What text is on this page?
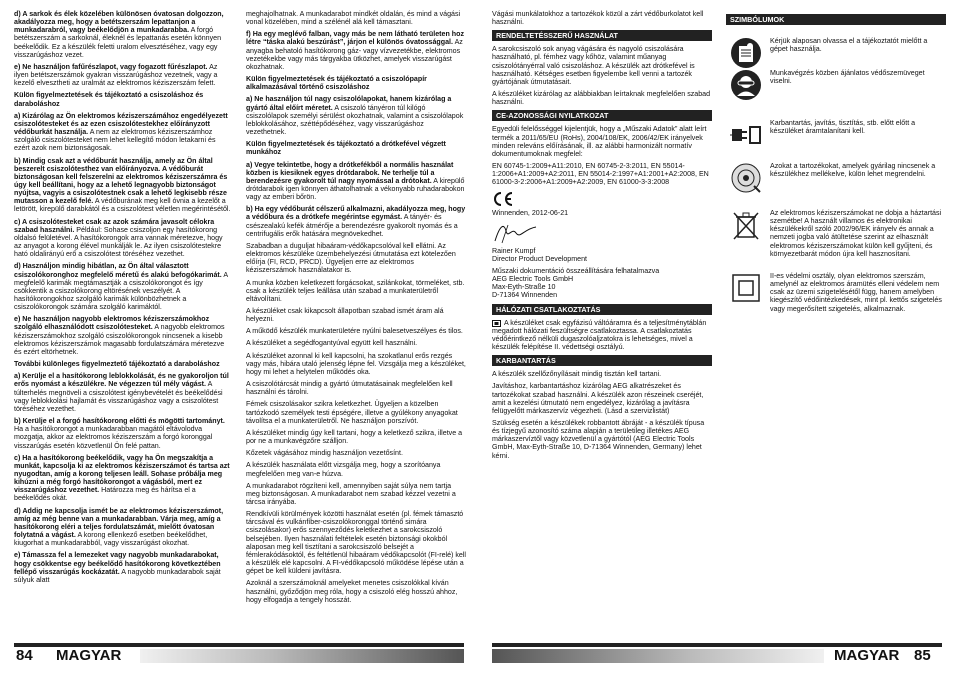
d) A sarkok és élek közelében különösen óvatosan dolgozzon, akadályozza meg, hogy a betétszerszám lepattanjon a munkadarabról, vagy beékelődjön a munkadarabba. A forgó betétszerszám a sarkoknál, éleknél és lepattanás esetén könnyen beékelődik. Ez a készülék feletti uralom elvesztéséhez, vagy egy visszarúgáshoz vezet.

e) Ne használjon fafűrészlapot, vagy fogazott fűrészlapot. Az ilyen betétszerszámok gyakran visszarúgáshoz vezetnek, vagy a kezelő elvesztheti az uralmát az elektromos kéziszerszám felett.

Külön figyelmeztetések és tájékoztató a csiszoláshoz és daraboláshoz

a) Kizárólag az Ön elektromos kéziszerszámához engedélyezett csiszolótesteket és az ezen csiszolótestekhez előírányzott védőburkát használja. A nem az elektromos kéziszerszámhoz szolgáló csiszolótesteket nem lehet kellegítő módon letakarni és ezért azok nem biztonságosak.

b) Mindig csak azt a védőburát használja, amely az Ön által beszerelt csiszolótesthez van előírányozva. A védőburát biztonságosan kell felszerelni az elektromos kéziszerszámra és úgy kell beállítani, hogy az a lehető legnagyobb biztonságot nyújtsa, vagyis a csiszolótestnek csak a lehető legkisebb része mutasson a kezelő felé. A védőburának meg kell óvnia a kezelőt a letörött, kirepülő darabkától és a csiszolótest véletlen megérintésétől.

c) A csiszolótesteket csak az azok számára javasolt célokra szabad használni. Például: Sohase csiszoljon egy hasítókorong oldalsó felületével. A hasítókorongok arra vannak méretezve, hogy az anyagot a korong élével munkálják le. Az ilyen csiszolótestekre ható oldalirányú erő a csiszolótest töréséhez vezethet.

d) Használjon mindig hibátlan, az Ön által választott csiszolókoronghoz megfelelő méretű és alakú befogókarimát. A megfelelő karimák megtámasztják a csiszolókorongot és így csökkentik a csiszolókorong eltörésének veszélyét. A hasítókorongokhoz szolgáló karimák különbözhetnek a csiszolókorongok számára szolgáló karimáktól.

e) Ne használjon nagyobb elektromos kéziszerszámokhoz szolgáló elhasználódott csiszolótesteket. A nagyobb elektromos kéziszerszámokhoz szolgáló csiszolókorongok nincsenek a kisebb elektromos kéziszerszámok magasabb fordulatszámára méretezve és ezért eltörhetnek.

További különleges figyelmeztető tájékoztató a daraboláshoz

a) Kerülje el a hasítókorong leblokkolását, és ne gyakoroljon túl erős nyomást a készülékre. Ne végezzen túl mély vágást. A túlterhelés megnöveli a csiszolótest igénybevételét és beékelődési vagy leblokkolási hajlamát és visszarúgáshoz vagy a csiszolótest töréséhez vezethet.

b) Kerülje el a forgó hasítókorong előtti és mögötti tartományt. Ha a hasítókorongot a munkadarabban magától eltávolodva mozgatja, akkor az elektromos kéziszerszám a forgó koronggal visszarúgás esetén közvetlenül Ön felé pattan.

c) Ha a hasítókorong beékelődik, vagy ha Ön megszakítja a munkát, kapcsolja ki az elektromos kéziszerszámot és tartsa azt nyugodtan, amíg a korong teljesen leáll. Sohase próbálja meg kihúzni a még forgó hasítókorongot a vágásból, mert ez visszarúgáshoz vezethet. Határozza meg és hárítsa el a beékelődés okát.

d) Addig ne kapcsolja ismét be az elektromos kéziszerszámot, amíg az még benne van a munkadarabban. Várja meg, amíg a hasítókorong eléri a teljes fordulatszámát, mielőtt óvatosan folytatná a vágást. A korong ellenkező esetben beékelődhet, kiugorhat a munkadarabból, vagy visszarúgást okozhat.

e) Támassza fel a lemezeket vagy nagyobb munkadarabokat, hogy csökkentse egy beékelődő hasítókorong következtében fellépő visszarúgás kockázatát. A nagyobb munkadarabok saját súlyuk alatt

meghajolhatnak. A munkadarabot mindkét oldalán, és mind a vágási vonal közelében, mind a szélénél alá kell támasztani.

f) Ha egy meglévő falban, vagy más be nem látható területen hoz létre “táska alakú beszúrást”, járjon el különös óvatossággal. Az anyagba behatoló hasítókorong gáz- vagy vízvezetékbe, elektromos vezetékekbe vagy más tárgyakba ütközhet, amelyek visszarúgást okozhatnak.

Külön figyelmeztetések és tájékoztató a csiszolópapír alkalmazásával történő csiszoláshoz

a) Ne használjon túl nagy csiszolólapokat, hanem kizárólag a gyártó által előírt méretet. A csiszoló tányéron túl kilógó csiszolólapok személyi sérülést okozhatnak, valamint a csiszolólapok leblokkolásához, széttépődéséhez, vagy visszarúgáshoz vezethetnek.

Külön figyelmeztetések és tájékoztató a drótkefével végzett munkához

a) Vegye tekintetbe, hogy a drótkefékből a normális használat közben is kiesiknek egyes drótdarabok. Ne terhelje túl a berendezésre gyakorolt túl nagy nyomással a drótokat. A kirepülő drótdarabok igen könnyen áthatolhatnak a vékonyabb ruhadarabokon vagy az emberi bőrön.

b) Ha egy védőburát célszerű alkalmazni, akadályozza meg, hogy a védőbura és a drótkefe megérintse egymást. A tányér- és csészealakú kefék átmérője a berendezésre gyakorolt nyomás és a centrifugális erők hatására megnövekedhet.

Szabadban a duguljat hibaáram-védőkapcsolóval kell ellátni. Az elektromos készüléke üzembehelyezési útmutatása ezt kötelezően előírja (FI, RCD, PRCD). Ügyeljen erre az elektromos kéziszerszámok használatakor is.

A munka közben keletkezett forgácsokat, szilánkokat, törmeléket, stb. csak a készülék teljes leállása után szabad a munkaterületről eltávolítani.

A készüléket csak kikapcsolt állapotban szabad ismét áram alá helyezni.

A működő készülék munkaterületére nyúlni balesetveszélyes és tilos.

A készüléket a segédfogantyúval együtt kell használni.

A készüléket azonnal ki kell kapcsolni, ha szokatlanul erős rezgés vagy más, hibára utaló jelenség lépne fel. Vizsgálja meg a készüléket, hogy mi lehet a helytelen működés oka.

A csiszolótárcsát mindig a gyártó útmutatásainak megfelelően kell használni és tárolni.

Fémek csiszolásakor szikra keletkezhet. Ügyeljen a közelben tartózkodó személyek testi épségére, illetve a gyúlékony anyagokat távolítsa el a munkaterületről. Ne használjon porszívót.

A készüléket mindig úgy kell tartani, hogy a keletkező szikra, illetve a por ne a munkavégzőre szálljon.

Kőzetek vágásához mindig használjon vezetősínt.

A készülék használata előtt vizsgálja meg, hogy a szorítóanya megfelelően meg van-e húzva.

A munkadarabot rögzíteni kell, amennyiben saját súlya nem tartja meg biztonságosan. A munkadarabot nem szabad kézzel vezetni a tárcsa irányába.

Rendkívüli körülmények közötti használat esetén (pl. fémek támasztó tárcsával és vulkánfíber-csiszolókoronggal történő simára csiszolásakor) erős szennyeződés keletkezhet a sarokcsiszoló belsejében. Ilyen használati feltételek esetén biztonsági okokból alaposan meg kell tisztítani a sarokcsiszoló belsejét a fémlerakódásoktól, és feltétlenül hibaáram védőkapcsolót (FI-relé) kell a készülék elé kapcsolni. A FI-védőkapcsoló működése lépése után a gépet be kell küldeni javításra.

Azoknál a szerszámoknál amelyeket menetes csiszolókkal kíván használni, győződjön meg róla, hogy a csiszoló elég hosszú ahhoz, hogy elfogadja a tengely hosszát.

Vágási munkálatokhoz a tartozékok közül a zárt védőburkolatot kell használni.

RENDELTETÉSSZERŰ HASZNÁLAT

A sarokcsiszoló sok anyag vágására és nagyoló csiszolására használható, pl. fémhez vagy kőhöz, valamint műanyag csiszolótányérral való csiszoláshoz. A készülék azt drótkefével is használható. Kétséges esetben figyelembe kell venni a tartozék gyártójának útmutatásait.

A készüléket kizárólag az alábbiakban leírtaknak megfelelően szabad használni.

CE-AZONOSSÁGI NYILATKOZAT

Egyedüli felelősséggel kijelentjük, hogy a „Műszaki Adatok” alatt leírt termék a 2011/65/EU (RoHs), 2004/108/EK, 2006/42/EK irányelvek minden releváns előírásának, ill. az alábbi harmonizált normatív dokumentumoknak megfelel:

EN 60745-1:2009+A11:2010, EN 60745-2-3:2011, EN 55014-1:2006+A1:2009+A2:2011, EN 55014-2:1997+A1:2001+A2:2008, EN 61000-3-2:2006+A1:2009+A2:2009, EN 61000-3-3:2008

Winnenden, 2012-06-21

Rainer Kumpf

Director Product Development

Műszaki dokumentáció összeállítására felhatalmazva

AEG Electric Tools GmbH

Max-Eyth-Straße 10

D-71364 Winnenden

HÁLÓZATI CSATLAKOZTATÁS

A készüléket csak egyfázisú váltóáramra és a teljesítménytáblán megadott hálózati feszültségre csatlakoztassa. A csatlakoztatás védőérintkező nélküli dugaszolóaljzatokra is lehetséges, mivel a készülék felépítése II. védettségi osztályú.

KARBANTARTÁS

A készülék szellőzőnyílásait mindig tisztán kell tartani.

Javításhoz, karbantartáshoz kizárólag AEG alkatrészeket és tartozékokat szabad használni. A készülék azon részeinek cseréjét, amit a kezelési útmutató nem engedélyez, kizárólag a javításra felügyelőtt márkaszervíz végezheti. (Lásd a szervizlistát)

Szükség esetén a készülékek robbantott ábráját - a készülék típusa és tízjegyű azonosító száma alapján a területileg illetékes AEG márkaszervíztől vagy közvetlenül a gyártótól (AEG Electric Tools GmbH, Max-Eyth-Straße 10, D-71364 Winnenden, Germany) lehet kérni.

SZIMBÓLUMOK
Kérjük alaposan olvassa el a tájékoztatót mielőtt a gépet használja.
Munkavégzés közben ájánlatos védőszemüveget viselni.
Karbantartás, javítás, tisztítás, stb. előtt előtt a készüléket áramtalanítani kell.
Azokat a tartozékokat, amelyek gyárilag nincsenek a készülékhez mellékelve, külön lehet megrendelni.
Az elektromos kéziszerszámokat ne dobja a háztartási szemétbe! A használt villamos és elektronikai készülékekről szóló 2002/96/EK irányelv és annak a nemzeti jogba való átültetése szerint az elhasznált elektromos kéziszerszámokat külön kell gyűjteni, és környezetbarát módon újra kell hasznosítani.
II-es védelmi osztály, olyan elektromos szerszám, amelynél az elektromos áramütés elleni védelem nem csak az üzemi szigetelésétől függ, hanem amelyben kiegészítő védőintézkedések, mint pl. kettős szigetelés vagy megerősített szigetelés, alkalmaznak.
84 MAGYAR	MAGYAR 85
